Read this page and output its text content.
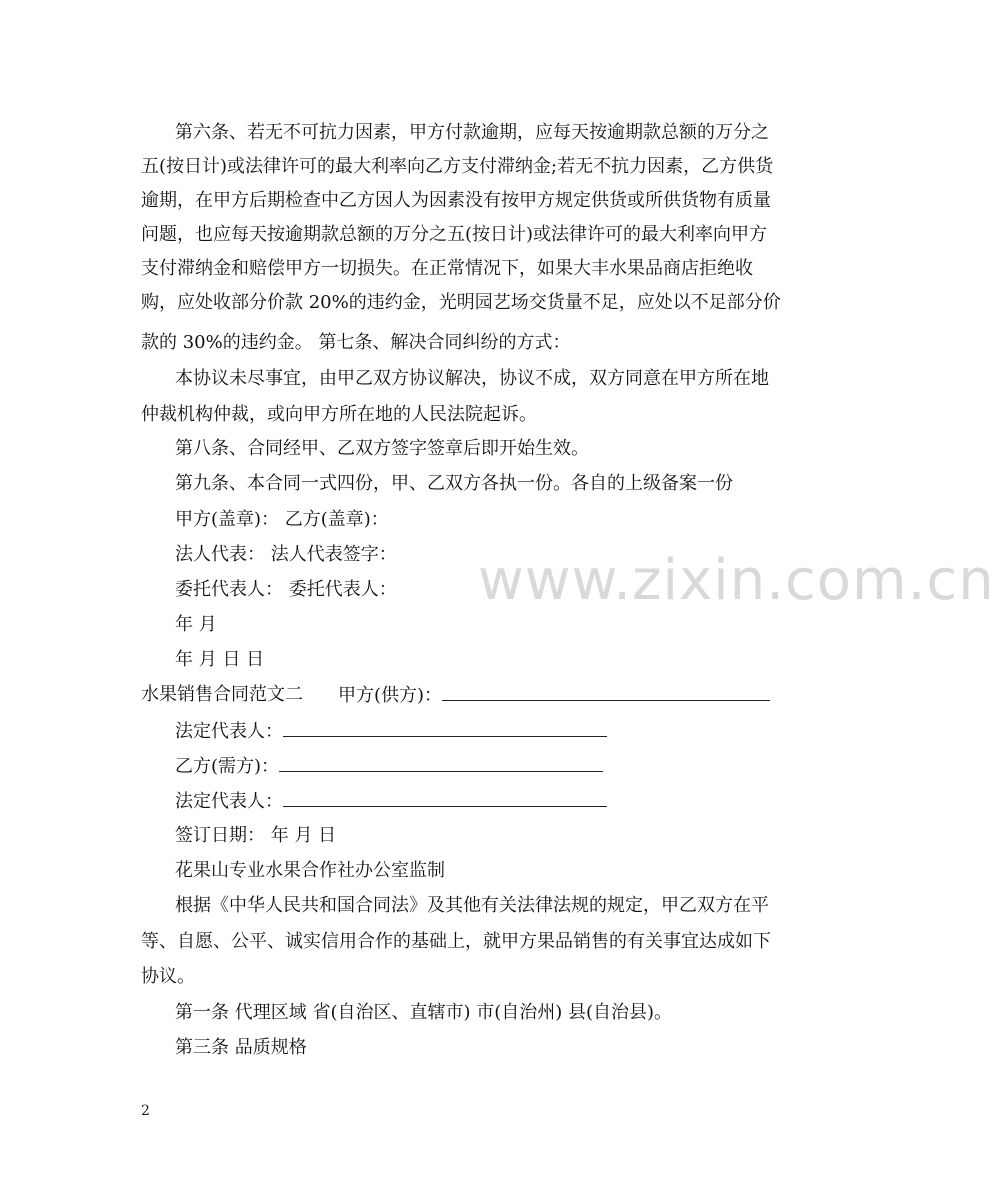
www.zixin.com.cn
第六条、若无不可抗力因素，甲方付款逾期，应每天按逾期款总额的万分之
五(按日计)或法律许可的最大利率向乙方支付滞纳金;若无不抗力因素，乙方供货
逾期，在甲方后期检查中乙方因人为因素没有按甲方规定供货或所供货物有质量
问题，也应每天按逾期款总额的万分之五(按日计)或法律许可的最大利率向甲方
支付滞纳金和赔偿甲方一切损失。在正常情况下，如果大丰水果品商店拒绝收
购，应处收部分价款 20%的违约金，光明园艺场交货量不足，应处以不足部分价
款的 30%的违约金。 第七条、解决合同纠纷的方式：
本协议未尽事宜，由甲乙双方协议解决，协议不成，双方同意在甲方所在地
仲裁机构仲裁，或向甲方所在地的人民法院起诉。
第八条、合同经甲、乙双方签字签章后即开始生效。
第九条、本合同一式四份，甲、乙双方各执一份。各自的上级备案一份
甲方(盖章)： 乙方(盖章)：
法人代表： 法人代表签字：
委托代表人： 委托代表人：
年 月
年 月 日 日
水果销售合同范文二 甲方(供方)：
法定代表人：
乙方(需方)：
法定代表人：
签订日期： 年 月 日
花果山专业水果合作社办公室监制
根据《中华人民共和国合同法》及其他有关法律法规的规定，甲乙双方在平
等、自愿、公平、诚实信用合作的基础上，就甲方果品销售的有关事宜达成如下
协议。
第一条 代理区域 省(自治区、直辖市) 市(自治州) 县(自治县)。
第三条 品质规格
2
